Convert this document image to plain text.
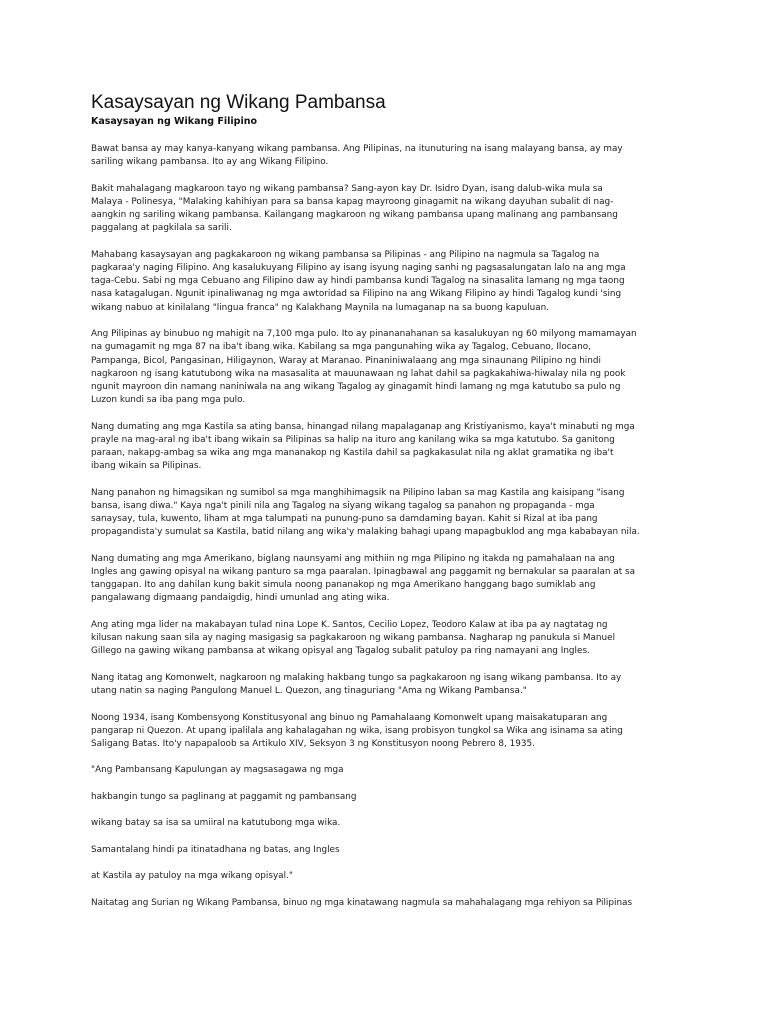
Kasaysayan ng Wikang Pambansa
Kasaysayan ng Wikang Filipino
Bawat bansa ay may kanya-kanyang wikang pambansa. Ang Pilipinas, na itunuturing na isang malayang bansa, ay may
sariling wikang pambansa. Ito ay ang Wikang Filipino.
Bakit mahalagang magkaroon tayo ng wikang pambansa? Sang-ayon kay Dr. Isidro Dyan, isang dalub-wika mula sa
Malaya - Polinesya, "Malaking kahihiyan para sa bansa kapag mayroong ginagamit na wikang dayuhan subalit di nag-
aangkin ng sariling wikang pambansa. Kailangang magkaroon ng wikang pambansa upang malinang ang pambansang
paggalang at pagkilala sa sarili.
Mahabang kasaysayan ang pagkakaroon ng wikang pambansa sa Pilipinas - ang Pilipino na nagmula sa Tagalog na
pagkaraa'y naging Filipino. Ang kasalukuyang Filipino ay isang isyung naging sanhi ng pagsasalungatan lalo na ang mga
taga-Cebu. Sabi ng mga Cebuano ang Filipino daw ay hindi pambansa kundi Tagalog na sinasalita lamang ng mga taong
nasa katagalugan. Ngunit ipinaliwanag ng mga awtoridad sa Filipino na ang Wikang Filipino ay hindi Tagalog kundi 'sing
wikang nabuo at kinilalang "lingua franca" ng Kalakhang Maynila na lumaganap na sa buong kapuluan.
Ang Pilipinas ay binubuo ng mahigit na 7,100 mga pulo. Ito ay pinananahanan sa kasalukuyan ng 60 milyong mamamayan
na gumagamit ng mga 87 na iba't ibang wika. Kabilang sa mga pangunahing wika ay Tagalog, Cebuano, Ilocano,
Pampanga, Bicol, Pangasinan, Hiligaynon, Waray at Maranao. Pinaniniwalaang ang mga sinaunang Pilipino ng hindi
nagkaroon ng isang katutubong wika na masasalita at mauunawaan ng lahat dahil sa pagkakahiwa-hiwalay nila ng pook
ngunit mayroon din namang naniniwala na ang wikang Tagalog ay ginagamit hindi lamang ng mga katutubo sa pulo ng
Luzon kundi sa iba pang mga pulo.
Nang dumating ang mga Kastila sa ating bansa, hinangad nilang mapalaganap ang Kristiyanismo, kaya't minabuti ng mga
prayle na mag-aral ng iba't ibang wikain sa Pilipinas sa halip na ituro ang kanilang wika sa mga katutubo. Sa ganitong
paraan, nakapg-ambag sa wika ang mga mananakop ng Kastila dahil sa pagkakasulat nila ng aklat gramatika ng iba't
ibang wikain sa Pilipinas.
Nang panahon ng himagsikan ng sumibol sa mga manghihimagsik na Pilipino laban sa mag Kastila ang kaisipang "isang
bansa, isang diwa." Kaya nga't pinili nila ang Tagalog na siyang wikang tagalog sa panahon ng propaganda - mga
sanaysay, tula, kuwento, liham at mga talumpati na punung-puno sa damdaming bayan. Kahit si Rizal at iba pang
propagandista'y sumulat sa Kastila, batid nilang ang wika'y malaking bahagi upang mapagbuklod ang mga kababayan nila.
Nang dumating ang mga Amerikano, biglang naunsyami ang mithiin ng mga Pilipino ng itakda ng pamahalaan na ang
Ingles ang gawing opisyal na wikang panturo sa mga paaralan. Ipinagbawal ang paggamit ng bernakular sa paaralan at sa
tanggapan. Ito ang dahilan kung bakit simula noong pananakop ng mga Amerikano hanggang bago sumiklab ang
pangalawang digmaang pandaigdig, hindi umunlad ang ating wika.
Ang ating mga lider na makabayan tulad nina Lope K. Santos, Cecilio Lopez, Teodoro Kalaw at iba pa ay nagtatag ng
kilusan nakung saan sila ay naging masigasig sa pagkakaroon ng wikang pambansa. Nagharap ng panukula si Manuel
Gillego na gawing wikang pambansa at wikang opisyal ang Tagalog subalit patuloy pa ring namayani ang Ingles.
Nang itatag ang Komonwelt, nagkaroon ng malaking hakbang tungo sa pagkakaroon ng isang wikang pambansa. Ito ay
utang natin sa naging Pangulong Manuel L. Quezon, ang tinaguriang "Ama ng Wikang Pambansa."
Noong 1934, isang Kombensyong Konstitusyonal ang binuo ng Pamahalaang Komonwelt upang maisakatuparan ang
pangarap ni Quezon. At upang ipalilala ang kahalagahan ng wika, isang probisyon tungkol sa Wika ang isinama sa ating
Saligang Batas. Ito'y napapaloob sa Artikulo XIV, Seksyon 3 ng Konstitusyon noong Pebrero 8, 1935.
"Ang Pambansang Kapulungan ay magsasagawa ng mga
hakbangin tungo sa paglinang at paggamit ng pambansang
wikang batay sa isa sa umiiral na katutubong mga wika.
Samantalang hindi pa itinatadhana ng batas, ang Ingles
at Kastila ay patuloy na mga wikang opisyal."
Naitatag ang Surian ng Wikang Pambansa, binuo ng mga kinatawang nagmula sa mahahalagang mga rehiyon sa Pilipinas
